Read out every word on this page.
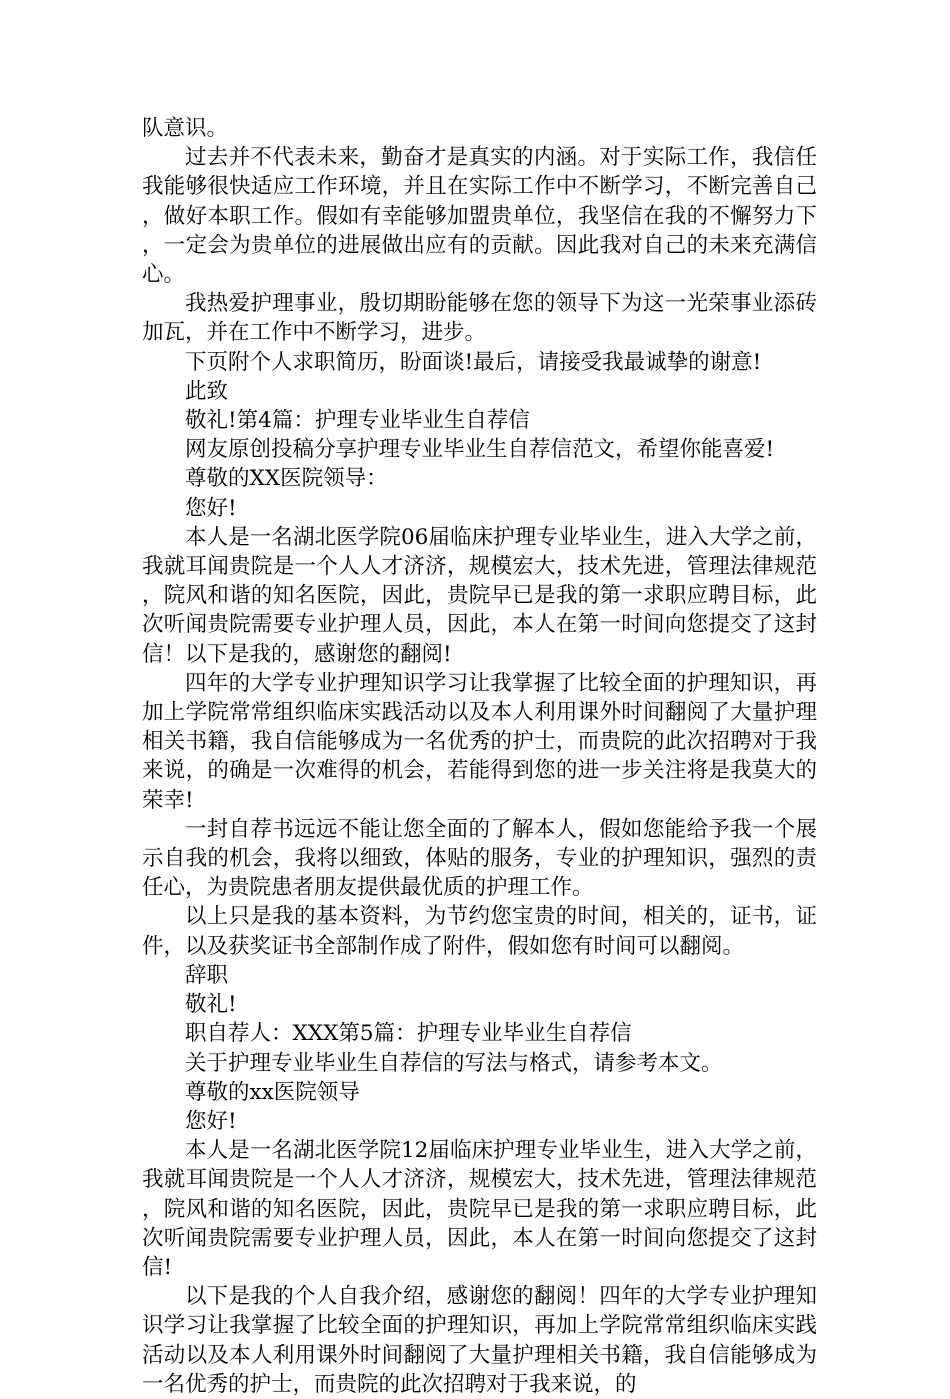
队意识。

过去并不代表未来，勤奋才是真实的内涵。对于实际工作，我信任我能够很快适应工作环境，并且在实际工作中不断学习，不断完善自己，做好本职工作。假如有幸能够加盟贵单位，我坚信在我的不懈努力下，一定会为贵单位的进展做出应有的贡献。因此我对自己的未来充满信心。

我热爱护理事业，殷切期盼能够在您的领导下为这一光荣事业添砖加瓦，并在工作中不断学习，进步。

下页附个人求职简历，盼面谈!最后，请接受我最诚挚的谢意!

此致

敬礼!第4篇：护理专业毕业生自荐信

网友原创投稿分享护理专业毕业生自荐信范文，希望你能喜爱!

尊敬的XX医院领导：

您好!

本人是一名湖北医学院06届临床护理专业毕业生，进入大学之前，我就耳闻贵院是一个人人才济济，规模宏大，技术先进，管理法律规范，院风和谐的知名医院，因此，贵院早已是我的第一求职应聘目标，此次听闻贵院需要专业护理人员，因此，本人在第一时间向您提交了这封信！以下是我的，感谢您的翻阅!

四年的大学专业护理知识学习让我掌握了比较全面的护理知识，再加上学院常常组织临床实践活动以及本人利用课外时间翻阅了大量护理相关书籍，我自信能够成为一名优秀的护士，而贵院的此次招聘对于我来说，的确是一次难得的机会，若能得到您的进一步关注将是我莫大的荣幸!

一封自荐书远远不能让您全面的了解本人，假如您能给予我一个展示自我的机会，我将以细致，体贴的服务，专业的护理知识，强烈的责任心，为贵院患者朋友提供最优质的护理工作。

以上只是我的基本资料，为节约您宝贵的时间，相关的，证书，证件，以及获奖证书全部制作成了附件，假如您有时间可以翻阅。

辞职

敬礼!

职自荐人：XXX第5篇：护理专业毕业生自荐信

关于护理专业毕业生自荐信的写法与格式，请参考本文。

尊敬的xx医院领导

您好!

本人是一名湖北医学院12届临床护理专业毕业生，进入大学之前，我就耳闻贵院是一个人人才济济，规模宏大，技术先进，管理法律规范，院风和谐的知名医院，因此，贵院早已是我的第一求职应聘目标，此次听闻贵院需要专业护理人员，因此，本人在第一时间向您提交了这封信!

以下是我的个人自我介绍，感谢您的翻阅！四年的大学专业护理知识学习让我掌握了比较全面的护理知识，再加上学院常常组织临床实践活动以及本人利用课外时间翻阅了大量护理相关书籍，我自信能够成为一名优秀的护士，而贵院的此次招聘对于我来说，的
